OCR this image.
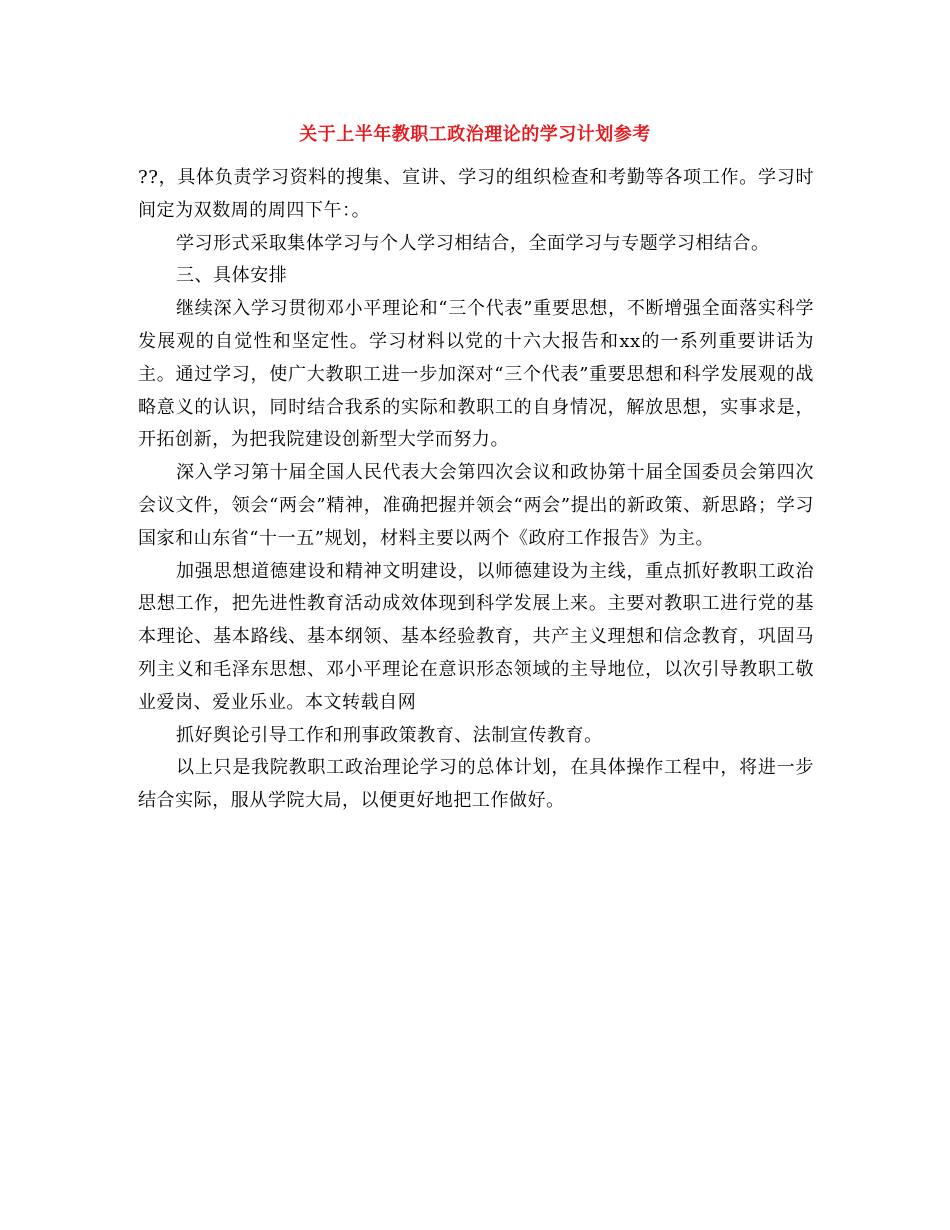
关于上半年教职工政治理论的学习计划参考

??，具体负责学习资料的搜集、宣讲、学习的组织检查和考勤等各项工作。学习时间定为双数周的周四下午：。

学习形式采取集体学习与个人学习相结合，全面学习与专题学习相结合。

三、具体安排

继续深入学习贯彻邓小平理论和“三个代表”重要思想，不断增强全面落实科学发展观的自觉性和坚定性。学习材料以党的十六大报告和xx的一系列重要讲话为主。通过学习，使广大教职工进一步加深对“三个代表”重要思想和科学发展观的战略意义的认识，同时结合我系的实际和教职工的自身情况，解放思想，实事求是，开拓创新，为把我院建设创新型大学而努力。

深入学习第十届全国人民代表大会第四次会议和政协第十届全国委员会第四次会议文件，领会“两会”精神，准确把握并领会“两会”提出的新政策、新思路；学习国家和山东省“十一五”规划，材料主要以两个《政府工作报告》为主。

加强思想道德建设和精神文明建设，以师德建设为主线，重点抓好教职工政治思想工作，把先进性教育活动成效体现到科学发展上来。主要对教职工进行党的基本理论、基本路线、基本纲领、基本经验教育，共产主义理想和信念教育，巩固马列主义和毛泽东思想、邓小平理论在意识形态领域的主导地位，以次引导教职工敬业爱岗、爱业乐业。本文转载自网

抓好舆论引导工作和刑事政策教育、法制宣传教育。

以上只是我院教职工政治理论学习的总体计划，在具体操作工程中，将进一步结合实际，服从学院大局，以便更好地把工作做好。
